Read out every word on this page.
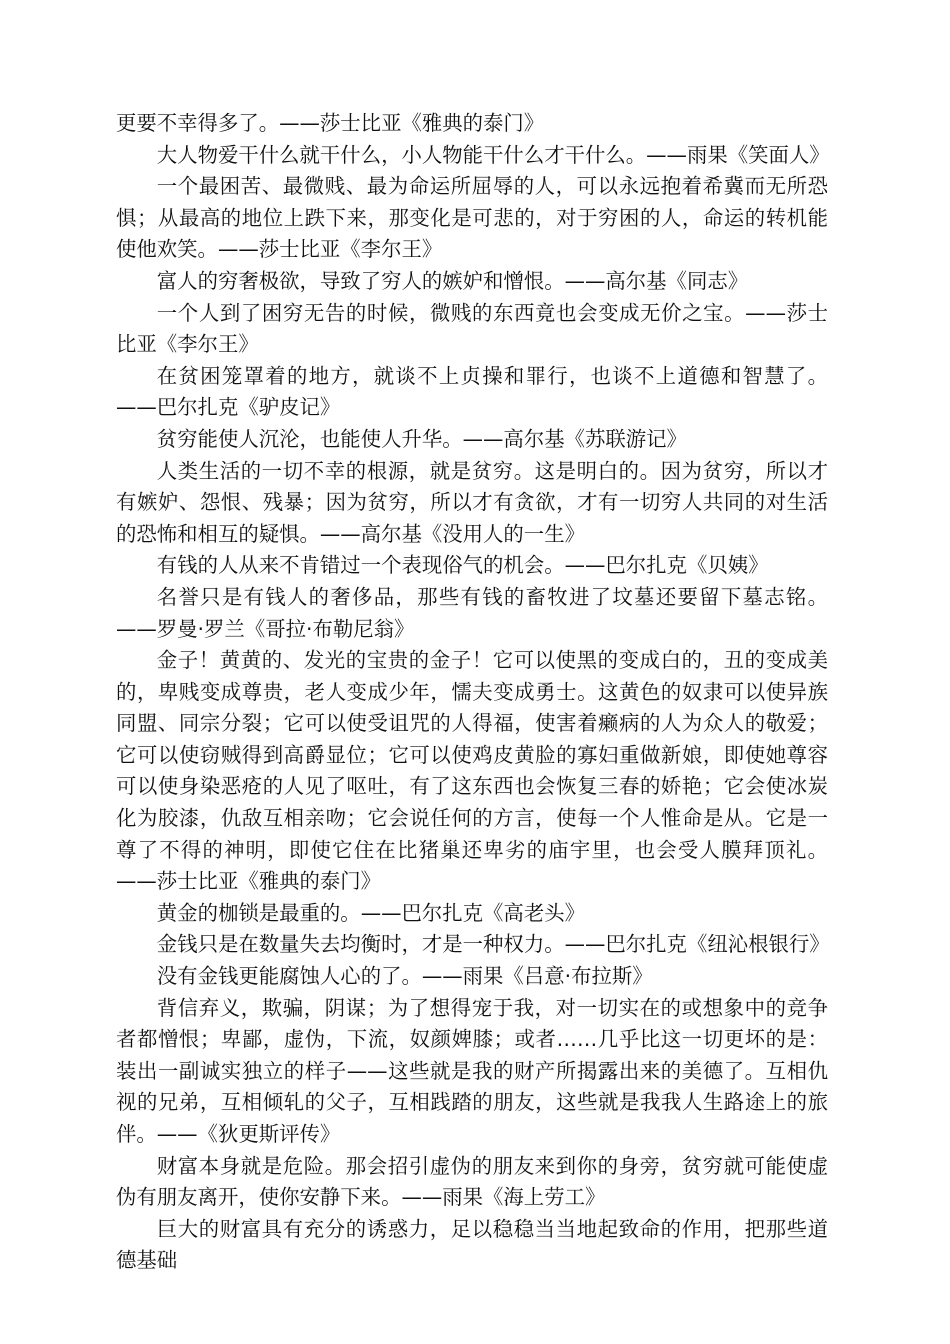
更要不幸得多了。——莎士比亚《雅典的泰门》

大人物爱干什么就干什么，小人物能干什么才干什么。——雨果《笑面人》

一个最困苦、最微贱、最为命运所屈辱的人，可以永远抱着希冀而无所恐惧；从最高的地位上跌下来，那变化是可悲的，对于穷困的人，命运的转机能使他欢笑。——莎士比亚《李尔王》

富人的穷奢极欲，导致了穷人的嫉妒和憎恨。——高尔基《同志》

一个人到了困穷无告的时候，微贱的东西竟也会变成无价之宝。——莎士比亚《李尔王》

在贫困笼罩着的地方，就谈不上贞操和罪行，也谈不上道德和智慧了。——巴尔扎克《驴皮记》

贫穷能使人沉沦，也能使人升华。——高尔基《苏联游记》

人类生活的一切不幸的根源，就是贫穷。这是明白的。因为贫穷，所以才有嫉妒、怨恨、残暴；因为贫穷，所以才有贪欲，才有一切穷人共同的对生活的恐怖和相互的疑惧。——高尔基《没用人的一生》

有钱的人从来不肯错过一个表现俗气的机会。——巴尔扎克《贝姨》

名誉只是有钱人的奢侈品，那些有钱的畜牧进了坟墓还要留下墓志铭。——罗曼·罗兰《哥拉·布勒尼翁》

金子！黄黄的、发光的宝贵的金子！它可以使黑的变成白的，丑的变成美的，卑贱变成尊贵，老人变成少年，懦夫变成勇士。这黄色的奴隶可以使异族同盟、同宗分裂；它可以使受诅咒的人得福，使害着癞病的人为众人的敬爱；它可以使窃贼得到高爵显位；它可以使鸡皮黄脸的寡妇重做新娘，即使她尊容可以使身染恶疮的人见了呕吐，有了这东西也会恢复三春的娇艳；它会使冰炭化为胶漆，仇敌互相亲吻；它会说任何的方言，使每一个人惟命是从。它是一尊了不得的神明，即使它住在比猪巢还卑劣的庙宇里，也会受人膜拜顶礼。——莎士比亚《雅典的泰门》

黄金的枷锁是最重的。——巴尔扎克《高老头》

金钱只是在数量失去均衡时，才是一种权力。——巴尔扎克《纽沁根银行》

没有金钱更能腐蚀人心的了。——雨果《吕意·布拉斯》

背信弃义，欺骗，阴谋；为了想得宠于我，对一切实在的或想象中的竞争者都憎恨；卑鄙，虚伪，下流，奴颜婢膝；或者……几乎比这一切更坏的是：装出一副诚实独立的样子——这些就是我的财产所揭露出来的美德了。互相仇视的兄弟，互相倾轧的父子，互相践踏的朋友，这些就是我我人生路途上的旅伴。——《狄更斯评传》

财富本身就是危险。那会招引虚伪的朋友来到你的身旁，贫穷就可能使虚伪有朋友离开，使你安静下来。——雨果《海上劳工》

巨大的财富具有充分的诱惑力，足以稳稳当当地起致命的作用，把那些道德基础
